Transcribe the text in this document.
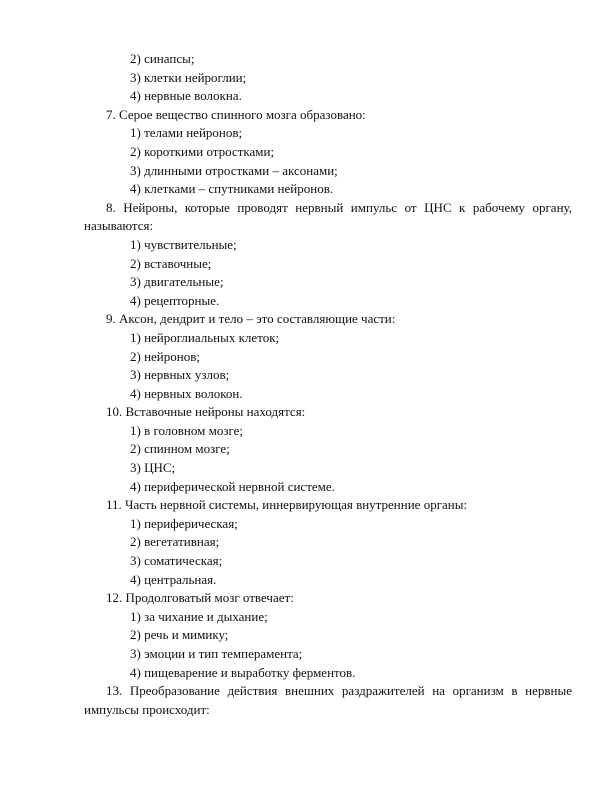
2) синапсы;
3) клетки нейроглии;
4) нервные волокна.
7. Серое вещество спинного мозга образовано:
1) телами нейронов;
2) короткими отростками;
3) длинными отростками – аксонами;
4) клетками – спутниками нейронов.
8. Нейроны, которые проводят нервный импульс от ЦНС к рабочему органу,
называются:
1) чувствительные;
2) вставочные;
3) двигательные;
4) рецепторные.
9. Аксон, дендрит и тело – это составляющие части:
1) нейроглиальных клеток;
2) нейронов;
3) нервных узлов;
4) нервных волокон.
10. Вставочные нейроны находятся:
1) в головном мозге;
2) спинном мозге;
3) ЦНС;
4) периферической нервной системе.
11. Часть нервной системы, иннервирующая внутренние органы:
1) периферическая;
2) вегетативная;
3) соматическая;
4) центральная.
12. Продолговатый мозг отвечает:
1) за чихание и дыхание;
2) речь и мимику;
3) эмоции и тип темперамента;
4) пищеварение и выработку ферментов.
13. Преобразование действия внешних раздражителей на организм в нервные
импульсы происходит:
